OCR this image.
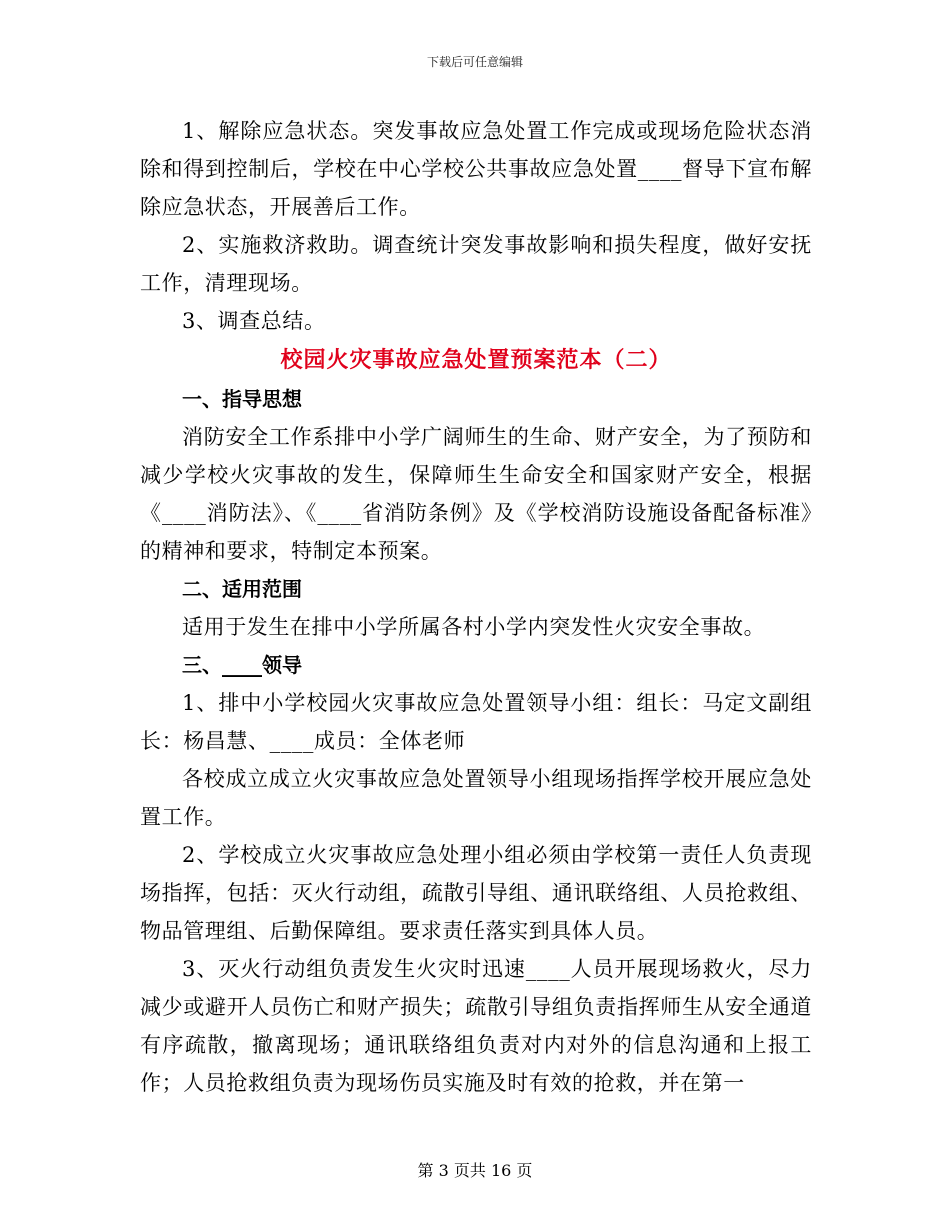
下载后可任意编辑

1、解除应急状态。突发事故应急处置工作完成或现场危险状态消除和得到控制后，学校在中心学校公共事故应急处置____督导下宣布解除应急状态，开展善后工作。

2、实施救济救助。调查统计突发事故影响和损失程度，做好安抚工作，清理现场。

3、调查总结。

校园火灾事故应急处置预案范本（二）

一、指导思想

消防安全工作系排中小学广阔师生的生命、财产安全，为了预防和减少学校火灾事故的发生，保障师生生命安全和国家财产安全，根据《____消防法》、《____省消防条例》及《学校消防设施设备配备标准》的精神和要求，特制定本预案。

二、适用范围

适用于发生在排中小学所属各村小学内突发性火灾安全事故。

三、____领导

1、排中小学校园火灾事故应急处置领导小组：组长：马定文副组长：杨昌慧、____成员：全体老师

各校成立成立火灾事故应急处置领导小组现场指挥学校开展应急处置工作。

2、学校成立火灾事故应急处理小组必须由学校第一责任人负责现场指挥，包括：灭火行动组，疏散引导组、通讯联络组、人员抢救组、物品管理组、后勤保障组。要求责任落实到具体人员。

3、灭火行动组负责发生火灾时迅速____人员开展现场救火，尽力减少或避开人员伤亡和财产损失；疏散引导组负责指挥师生从安全通道有序疏散，撤离现场；通讯联络组负责对内对外的信息沟通和上报工作；人员抢救组负责为现场伤员实施及时有效的抢救，并在第一

第 3 页共 16 页
